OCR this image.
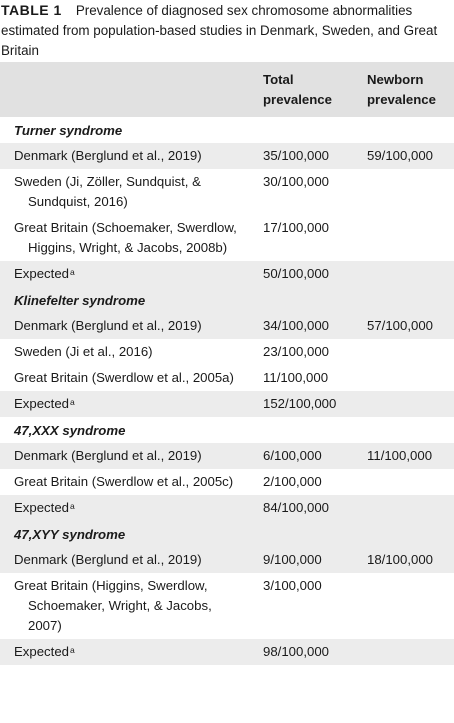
TABLE 1 Prevalence of diagnosed sex chromosome abnormalities estimated from population-based studies in Denmark, Sweden, and Great Britain
	Total prevalence	Newborn prevalence
Turner syndrome		

Denmark (Berglund et al., 2019)	35/100,000	59/100,000

Sweden (Ji, Zöller, Sundquist, & Sundquist, 2016)	30/100,000	

Great Britain (Schoemaker, Swerdlow, Higgins, Wright, & Jacobs, 2008b)	17/100,000	

Expected$^a$	50/100,000	
Klinefelter syndrome		

Denmark (Berglund et al., 2019)	34/100,000	57/100,000

Sweden (Ji et al., 2016)	23/100,000	

Great Britain (Swerdlow et al., 2005a)	11/100,000	

Expected$^a$	152/100,000	
47,XXX syndrome		

Denmark (Berglund et al., 2019)	6/100,000	11/100,000

Great Britain (Swerdlow et al., 2005c)	2/100,000	

Expected$^a$	84/100,000	
47,XYY syndrome		

Denmark (Berglund et al., 2019)	9/100,000	18/100,000

Great Britain (Higgins, Swerdlow, Schoemaker, Wright, & Jacobs, 2007)	3/100,000	

Expected$^a$	98/100,000	
